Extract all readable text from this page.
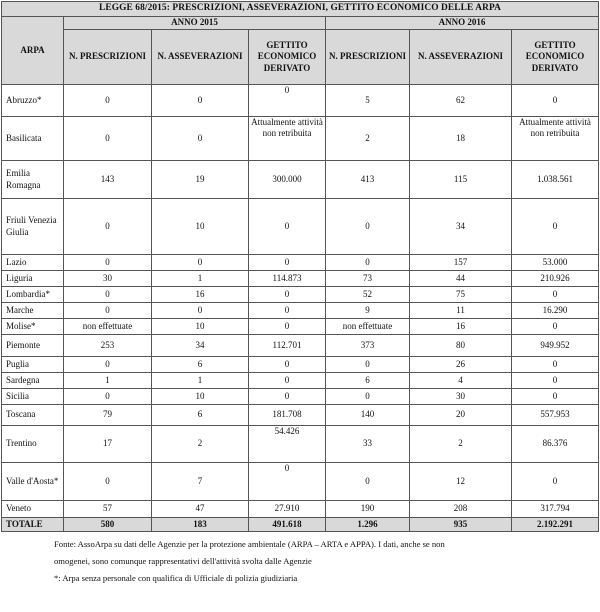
LEGGE 68/2015: PRESCRIZIONI, ASSEVERAZIONI, GETTITO ECONOMICO DELLE ARPA						
ARPA	ANNO 2015			ANNO 2016		
	N. PRESCRIZIONI	N. ASSEVERAZIONI	GETTITO ECONOMICO DERIVATO	N. PRESCRIZIONI	N. ASSEVERAZIONI	GETTITO ECONOMICO DERIVATO
Abruzzo*	0	0	0	5	62	0
Basilicata	0	0	Attualmente attività non retribuita	2	18	Attualmente attività non retribuita
Emilia Romagna	143	19	300.000	413	115	1.038.561
Friuli Venezia Giulia	0	10	0	0	34	0
Lazio	0	0	0	0	157	53.000
Liguria	30	1	114.873	73	44	210.926
Lombardia*	0	16	0	52	75	0
Marche	0	0	0	9	11	16.290
Molise*	non effettuate	10	0	non effettuate	16	0
Piemonte	253	34	112.701	373	80	949.952
Puglia	0	6	0	0	26	0
Sardegna	1	1	0	6	4	0
Sicilia	0	10	0	0	30	0
Toscana	79	6	181.708	140	20	557.953
Trentino	17	2	54.426	33	2	86.376
Valle d'Aosta*	0	7	0	0	12	0
Veneto	57	47	27.910	190	208	317.794
TOTALE	580	183	491.618	1.296	935	2.192.291
Fonte: AssoArpa su dati delle Agenzie per la protezione ambientale (ARPA – ARTA e APPA). I dati, anche se non
omogenei, sono comunque rappresentativi dell'attività svolta dalle Agenzie
*: Arpa senza personale con qualifica di Ufficiale di polizia giudiziaria
